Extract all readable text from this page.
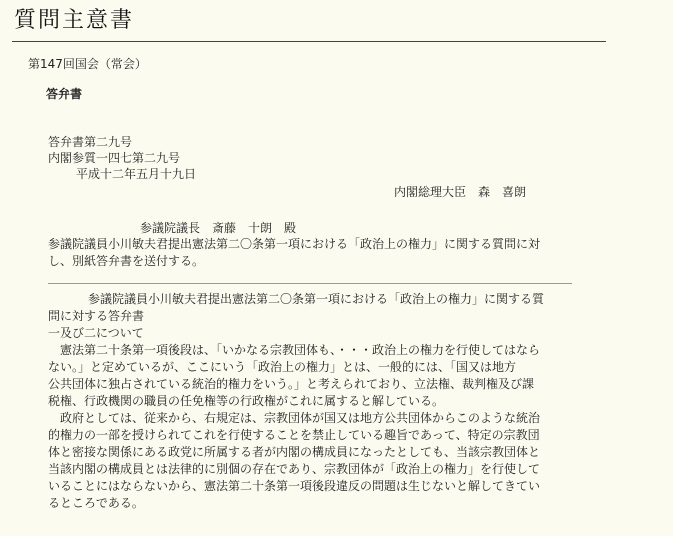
質問主意書
第147回国会（常会）
答弁書
答弁書第二九号
内閣参質一四七第二九号
平成十二年五月十九日
内閣総理大臣　森　喜朗
参議院議長　斎藤　十朗　殿

参議院議員小川敏夫君提出憲法第二〇条第一項における「政治上の権力」に関する質問に対

し、別紙答弁書を送付する。

参議院議員小川敏夫君提出憲法第二〇条第一項における「政治上の権力」に関する質

問に対する答弁書

一及び二について

憲法第二十条第一項後段は、「いかなる宗教団体も、・・・政治上の権力を行使してはなら

ない。」と定めているが、ここにいう「政治上の権力」とは、一般的には、「国又は地方

公共団体に独占されている統治的権力をいう。」と考えられており、立法権、裁判権及び課

税権、行政機関の職員の任免権等の行政権がこれに属すると解している。

政府としては、従来から、右規定は、宗教団体が国又は地方公共団体からこのような統治

的権力の一部を授けられてこれを行使することを禁止している趣旨であって、特定の宗教団

体と密接な関係にある政党に所属する者が内閣の構成員になったとしても、当該宗教団体と

当該内閣の構成員とは法律的に別個の存在であり、宗教団体が「政治上の権力」を行使して

いることにはならないから、憲法第二十条第一項後段違反の問題は生じないと解してきてい

るところである。
